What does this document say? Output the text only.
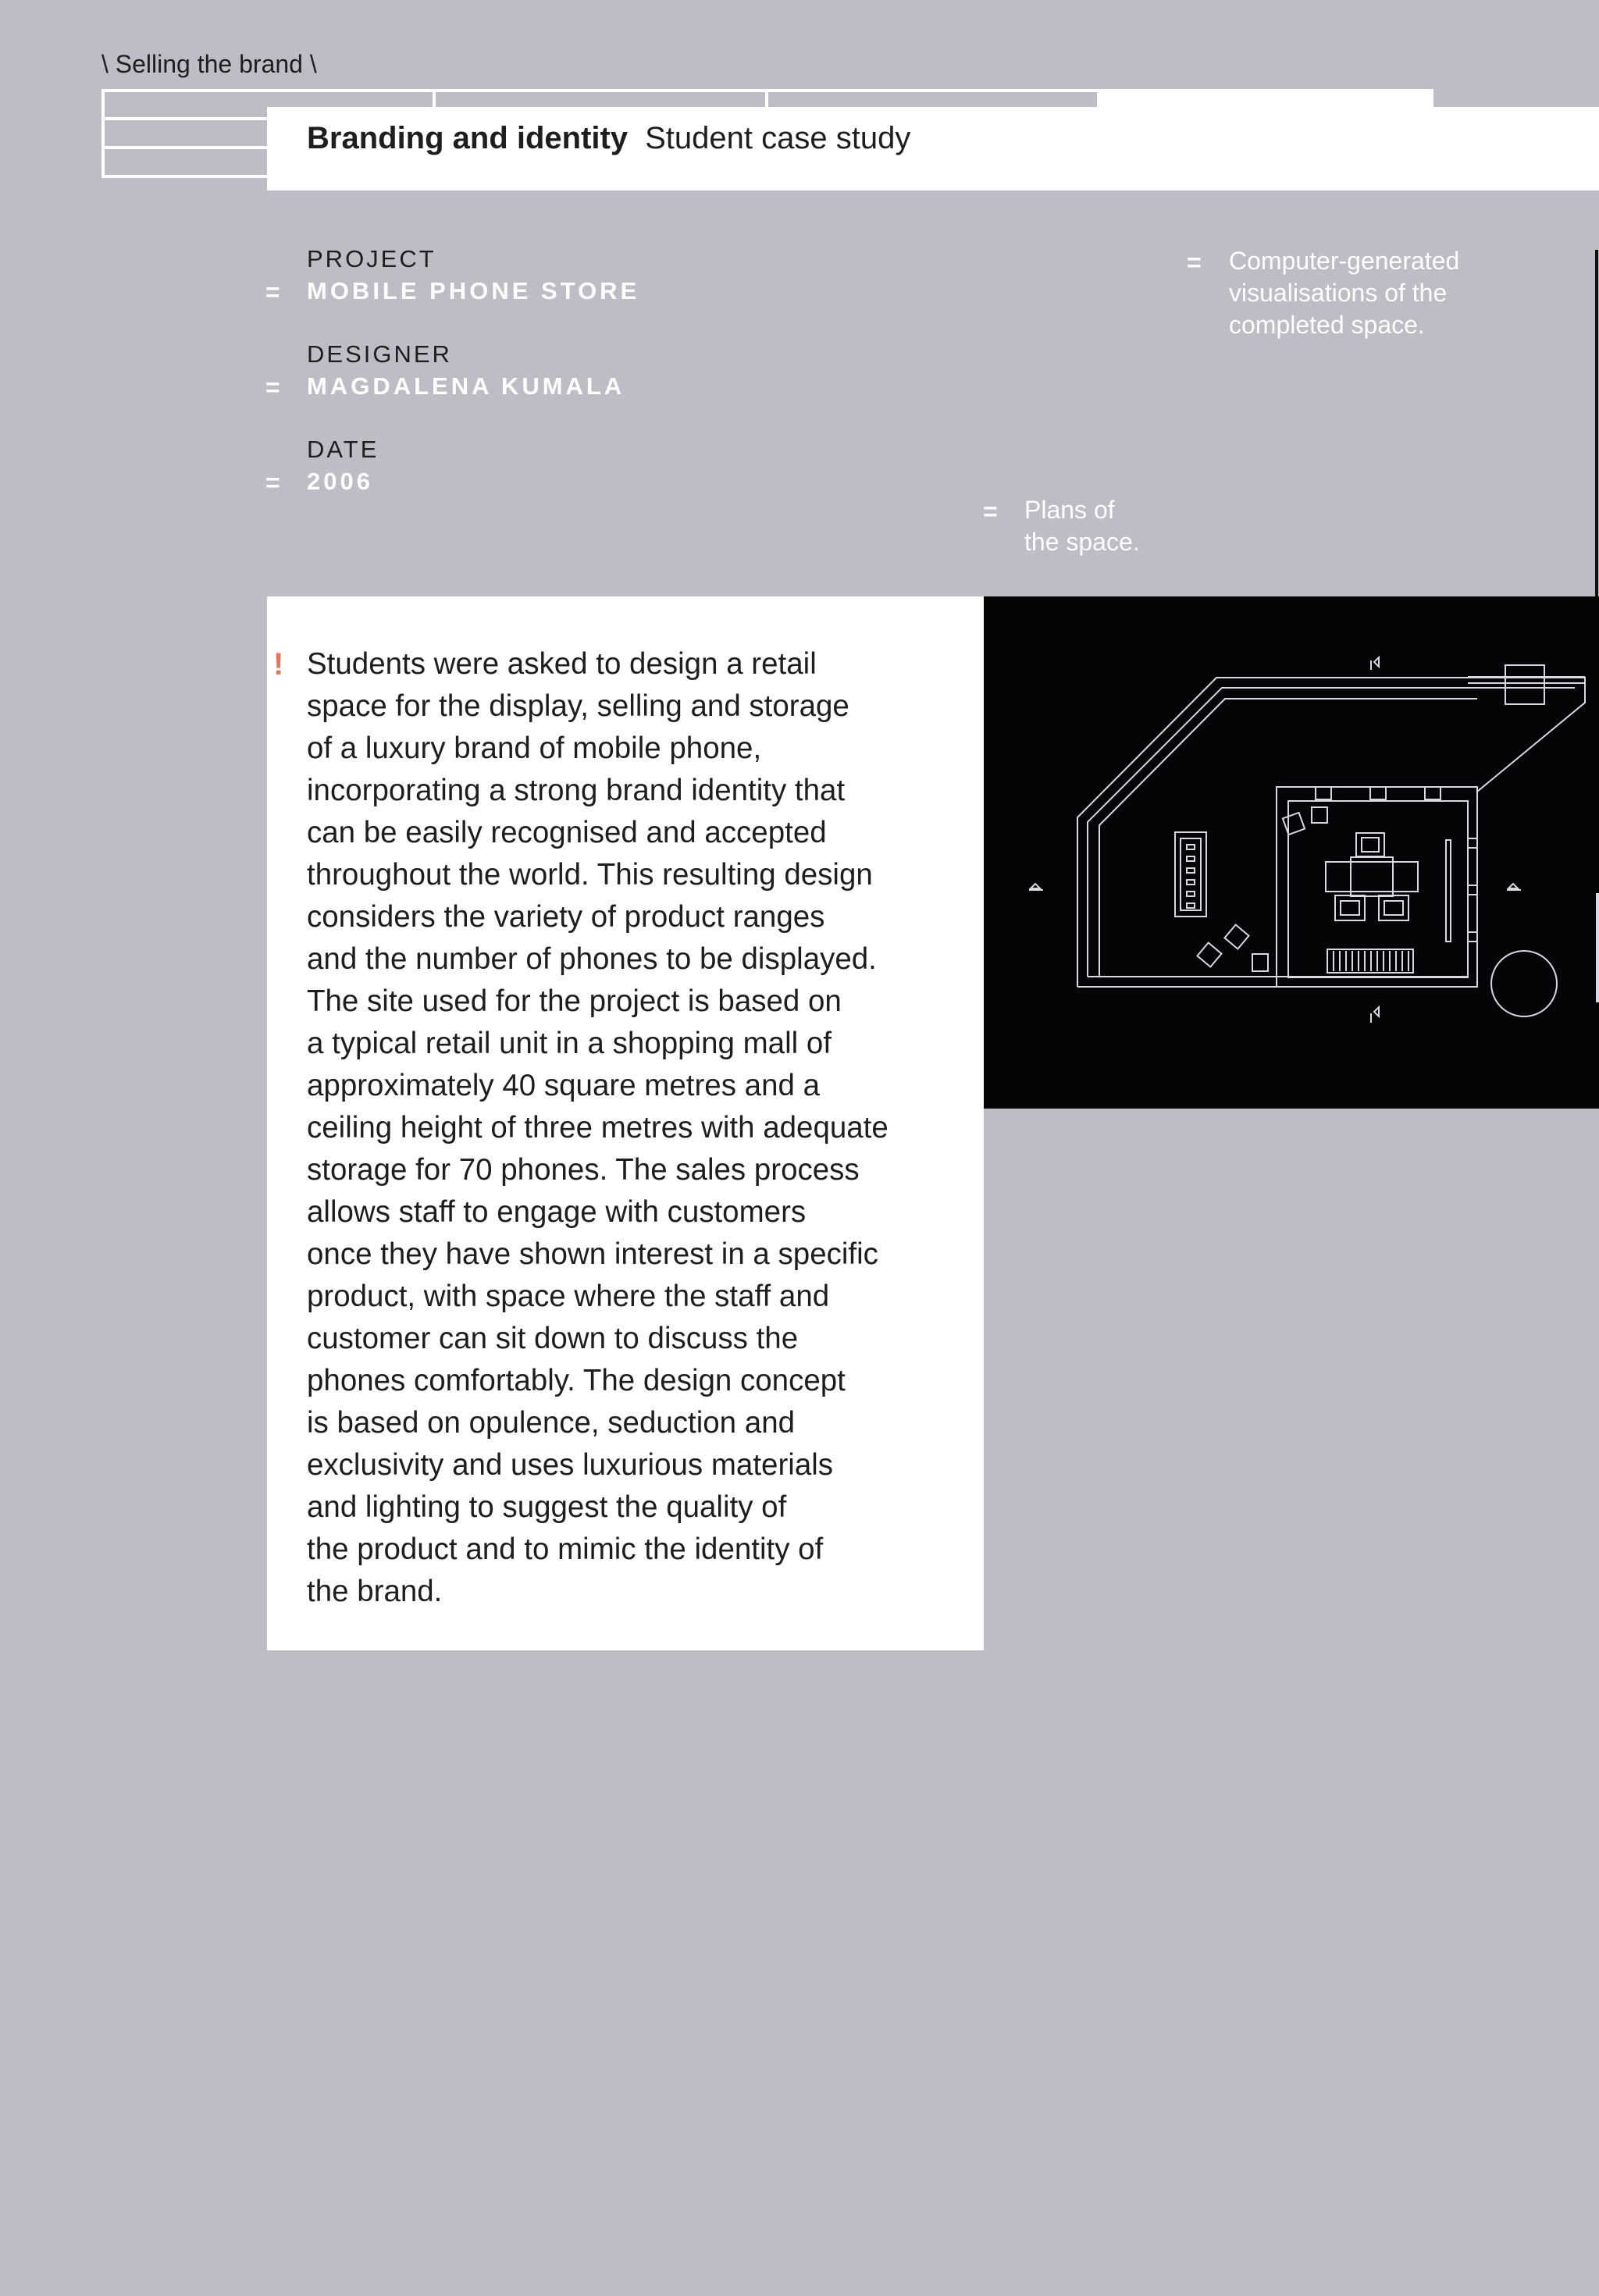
\ Selling the brand \
Branding and identity Student case study
PROJECT
= MOBILE PHONE STORE
DESIGNER
= MAGDALENA KUMALA
DATE
= 2006
= Computer-generated
visualisations of the
completed space.
= Plans of
the space.
! Students were asked to design a retail
space for the display, selling and storage
of a luxury brand of mobile phone,
incorporating a strong brand identity that
can be easily recognised and accepted
throughout the world. This resulting design
considers the variety of product ranges
and the number of phones to be displayed.
The site used for the project is based on
a typical retail unit in a shopping mall of
approximately 40 square metres and a
ceiling height of three metres with adequate
storage for 70 phones. The sales process
allows staff to engage with customers
once they have shown interest in a specific
product, with space where the staff and
customer can sit down to discuss the
phones comfortably. The design concept
is based on opulence, seduction and
exclusivity and uses luxurious materials
and lighting to suggest the quality of
the product and to mimic the identity of
the brand.
